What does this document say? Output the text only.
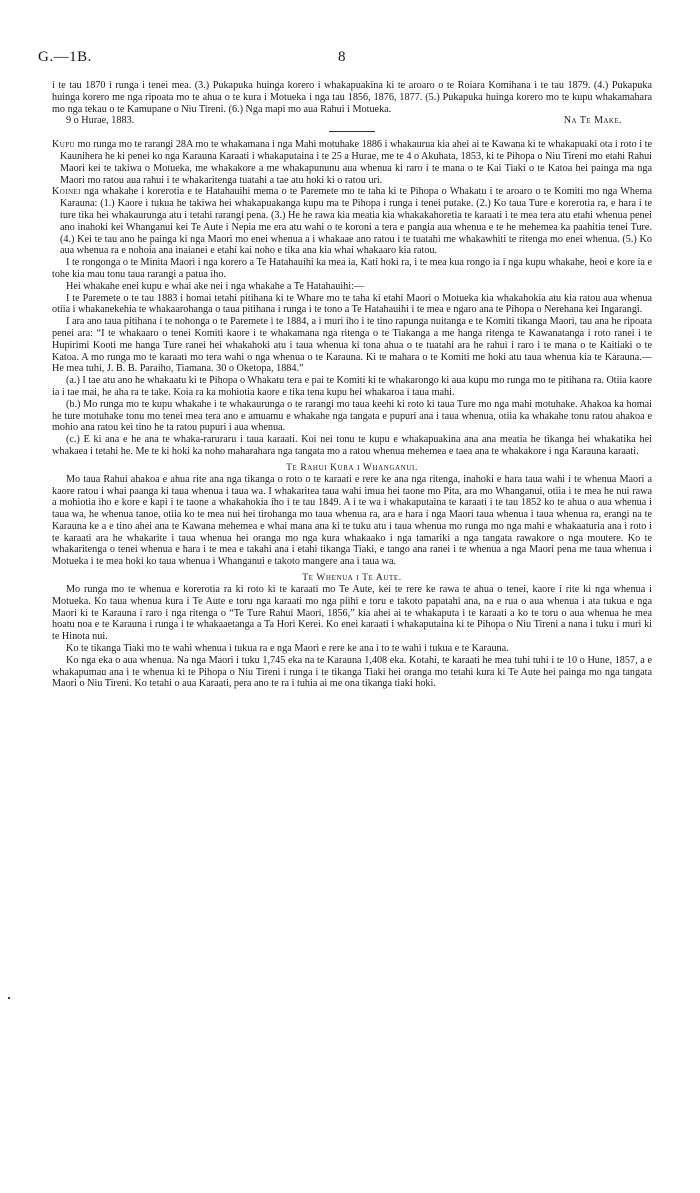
G.—1B.	8

i te tau 1870 i runga i tenei mea. (3.) Pukapuka huinga korero i whakapuakina ki te aroaro o te Roiara Komihana i te tau 1879. (4.) Pukapuka huinga korero me nga ripoata mo te ahua o te kura i Motueka i nga tau 1856, 1876, 1877. (5.) Pukapuka huinga korero mo te kupu whakamahara mo nga tekau o te Kamupane o Niu Tireni. (6.) Nga mapi mo aua Rahui i Motueka.

9 o Hurae, 1883.	Na Te Make.

Kupu mo runga mo te rarangi 28A mo te whakamana i nga Mahi motuhake 1886 i whakaurua kia ahei ai te Kawana ki te whakapuaki ota i roto i te Kaunihera he ki penei ko nga Karauna Karaati i whakaputaina i te 25 a Hurae, me te 4 o Akuhata, 1853, ki te Pihopa o Niu Tireni mo etahi Rahui Maori kei te takiwa o Motueka, me whakakore a me whakapununu aua whenua ki raro i te mana o te Kai Tiaki o te Katoa hei painga ma nga Maori mo ratou aua rahui i te whakaritenga tuatahi a tae atu hoki ki o ratou uri.

Koinei nga whakahe i korerotia e te Hatahauihi mema o te Paremete mo te taha ki te Pihopa o Whakatu i te aroaro o te Komiti mo nga Whema Karauna: (1.) Kaore i tukua he takiwa hei whakapuakanga kupu ma te Pihopa i runga i tenei putake. (2.) Ko taua Ture e korerotia ra, e hara i te ture tika hei whakaurunga atu i tetahi rarangi pena. (3.) He he rawa kia meatia kia whakakahoretia te karaati i te mea tera atu etahi whenua penei ano inahoki kei Whanganui kei Te Aute i Nepia me era atu wahi o te koroni a tera e pangia aua whenua e te he mehemea ka paahitia tenei Ture. (4.) Kei te tau ano he painga ki nga Maori mo enei whenua a i whakaae ano ratou i te tuatahi me whakawhiti te ritenga mo enei whenua. (5.) Ko aua whenua ra e nohoia ana inaianei e etahi kai noho e tika ana kia whai whakaaro kia ratou.

I te rongonga o te Minita Maori i nga korero a Te Hatahauihi ka mea ia, Kati hoki ra, i te mea kua rongo ia i nga kupu whakahe, heoi e kore ia e tohe kia mau tonu taua rarangi a patua iho.

Hei whakahe enei kupu e whai ake nei i nga whakahe a Te Hatahauihi:—

I te Paremete o te tau 1883 i homai tetahi pitihana ki te Whare mo te taha ki etahi Maori o Motueka kia whakahokia atu kia ratou aua whenua otiia i whakanekehia te whakaarohanga o taua pitihana i runga i te tono a Te Hatahauihi i te mea e ngaro ana te Pihopa o Nerehana kei Ingarangi.

I ara ano taua pitihana i te nohonga o te Paremete i te 1884, a i muri iho i te tino rapunga nuitanga e te Komiti tikanga Maori, tau ana he ripoata penei ara: “I te whakaaro o tenei Komiti kaore i te whakamana nga ritenga o te Tiakanga a me hanga ritenga te Kawanatanga i roto ranei i te Hupirimi Kooti me hanga Ture ranei hei whakahoki atu i taua whenua ki tona ahua o te tuatahi ara he rahui i raro i te mana o te Kaitiaki o te Katoa. A mo runga mo te karaati mo tera wahi o nga whenua o te Karauna. Ki te mahara o te Komiti me hoki atu taua whenua kia te Karauna.— He mea tuhi, J. B. B. Paraiho, Tiamana. 30 o Oketopa, 1884.”

(a.) I tae atu ano he whakaatu ki te Pihopa o Whakatu tera e pai te Komiti ki te whakarongo ki aua kupu mo runga mo te pitihana ra. Otiia kaore ia i tae mai, he aha ra te take. Koia ra ka mohiotia kaore e tika tena kupu hei whakaroa i taua mahi.

(b.) Mo runga mo te kupu whakahe i te whakaurunga o te rarangi mo taua keehi ki roto ki taua Ture mo nga mahi motuhake. Ahakoa ka homai he ture motuhake tonu mo tenei mea tera ano e amuamu e whakahe nga tangata e pupuri ana i taua whenua, otiia ka whakahe tonu ratou ahakoa e mohio ana ratou kei tino he ta ratou pupuri i aua whenua.

(c.) E ki ana e he ana te whaka-raruraru i taua karaati. Koi nei tonu te kupu e whakapuakina ana ana meatia he tikanga hei whakatika hei whakaea i tetahi he. Me te ki hoki ka noho maharahara nga tangata mo a ratou whenua mehemea e taea ana te whakakore i nga Karauna karaati.

Te Rahui Kura i Whanganui.

Mo taua Rahui ahakoa e ahua rite ana nga tikanga o roto o te karaati e rere ke ana nga ritenga, inahoki e hara taua wahi i te whenua Maori a kaore ratou i whai paanga ki taua whenua i taua wa. I whakaritea taua wahi imua hei taone mo Pita, ara mo Whanganui, otiia i te mea he nui rawa a mohiotia iho e kore e kapi i te taone a whakahokia iho i te tau 1849. A i te wa i whakaputaina te karaati i te tau 1852 ko te ahua o aua whenua i taua wa, he whenua tanoe, otiia ko te mea nui hei tirohanga mo taua whenua ra, ara e hara i nga Maori taua whenua i taua whenua ra, erangi na te Karauna ke a e tino ahei ana te Kawana mehemea e whai mana ana ki te tuku atu i taua whenua mo runga mo nga mahi e whakaaturia ana i roto i te karaati ara he whakarite i taua whenua hei oranga mo nga kura whakaako i nga tamariki a nga tangata rawakore o nga moutere. Ko te whakaritenga o tenei whenua e hara i te mea e takahi ana i etahi tikanga Tiaki, e tango ana ranei i te whenua a nga Maori pena me taua whenua i Motueka i te mea hoki ko taua whenua i Whanganui e takoto mangere ana i taua wa.

Te Whenua i Te Aute.

Mo runga mo te whenua e korerotia ra ki roto ki te karaati mo Te Aute, kei te rere ke rawa te ahua o tenei, kaore i rite ki nga whenua i Motueka. Ko taua whenua kura i Te Aute e toru nga karaati mo nga piihi e toru e takoto papatahi ana, na e rua o aua whenua i ata tukua e nga Maori ki te Karauna i raro i nga ritenga o “Te Ture Rahui Maori, 1856,” kia ahei ai te whakaputa i te karaati a ko te toru o aua whenua he mea hoatu noa e te Karauna i runga i te whakaaetanga a Ta Hori Kerei. Ko enei karaati i whakaputaina ki te Pihopa o Niu Tireni a nana i tuku i muri ki te Hinota nui.

Ko te tikanga Tiaki mo te wahi whenua i tukua ra e nga Maori e rere ke ana i to te wahi i tukua e te Karauna.

Ko nga eka o aua whenua. Na nga Maori i tuku 1,745 eka na te Karauna 1,408 eka. Kotahi, te karaati he mea tuhi tuhi i te 10 o Hune, 1857, a e whakapumau ana i te whenua ki te Pihopa o Niu Tireni i runga i te tikanga Tiaki hei oranga mo tetahi kura ki Te Aute hei painga mo nga tangata Maori o Niu Tireni. Ko tetahi o aua Karaati, pera ano te ra i tuhia ai me ona tikanga tiaki hoki.
